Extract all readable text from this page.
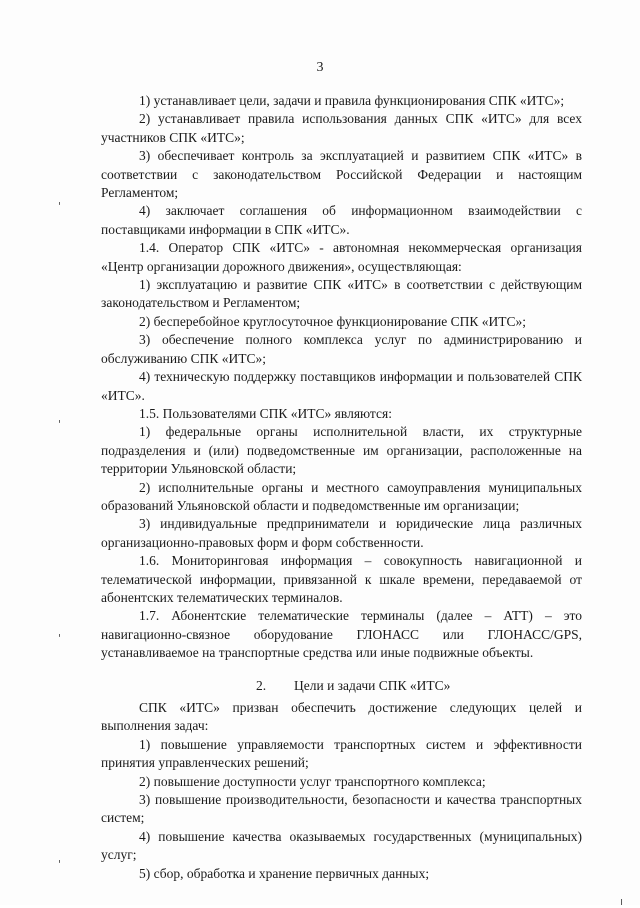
3
'
'
'
'
ı

1) устанавливает цели, задачи и правила функционирования СПК «ИТС»;

2) устанавливает правила использования данных СПК «ИТС» для всех участников СПК «ИТС»;

3) обеспечивает контроль за эксплуатацией и развитием СПК «ИТС» в соответствии с законодательством Российской Федерации и настоящим Регламентом;

4) заключает соглашения об информационном взаимодействии с поставщиками информации в СПК «ИТС».

1.4. Оператор СПК «ИТС» - автономная некоммерческая организация «Центр организации дорожного движения», осуществляющая:

1) эксплуатацию и развитие СПК «ИТС» в соответствии с действующим законодательством и Регламентом;

2) бесперебойное круглосуточное функционирование СПК «ИТС»;

3) обеспечение полного комплекса услуг по администрированию и обслуживанию СПК «ИТС»;

4) техническую поддержку поставщиков информации и пользователей СПК «ИТС».

1.5. Пользователями СПК «ИТС» являются:

1) федеральные органы исполнительной власти, их структурные подразделения и (или) подведомственные им организации, расположенные на территории Ульяновской области;

2) исполнительные органы и местного самоуправления муниципальных образований Ульяновской области и подведомственные им организации;

3) индивидуальные предприниматели и юридические лица различных организационно-правовых форм и форм собственности.

1.6. Мониторинговая информация – совокупность навигационной и телематической информации, привязанной к шкале времени, передаваемой от абонентских телематических терминалов.

1.7. Абонентские телематические терминалы (далее – АТТ) – это навигационно-связное оборудование ГЛОНАСС или ГЛОНАСС/GPS, устанавливаемое на транспортные средства или иные подвижные объекты.

2. Цели и задачи СПК «ИТС»

СПК «ИТС» призван обеспечить достижение следующих целей и выполнения задач:

1) повышение управляемости транспортных систем и эффективности принятия управленческих решений;

2) повышение доступности услуг транспортного комплекса;

3) повышение производительности, безопасности и качества транспортных систем;

4) повышение качества оказываемых государственных (муниципальных) услуг;

5) сбор, обработка и хранение первичных данных;
